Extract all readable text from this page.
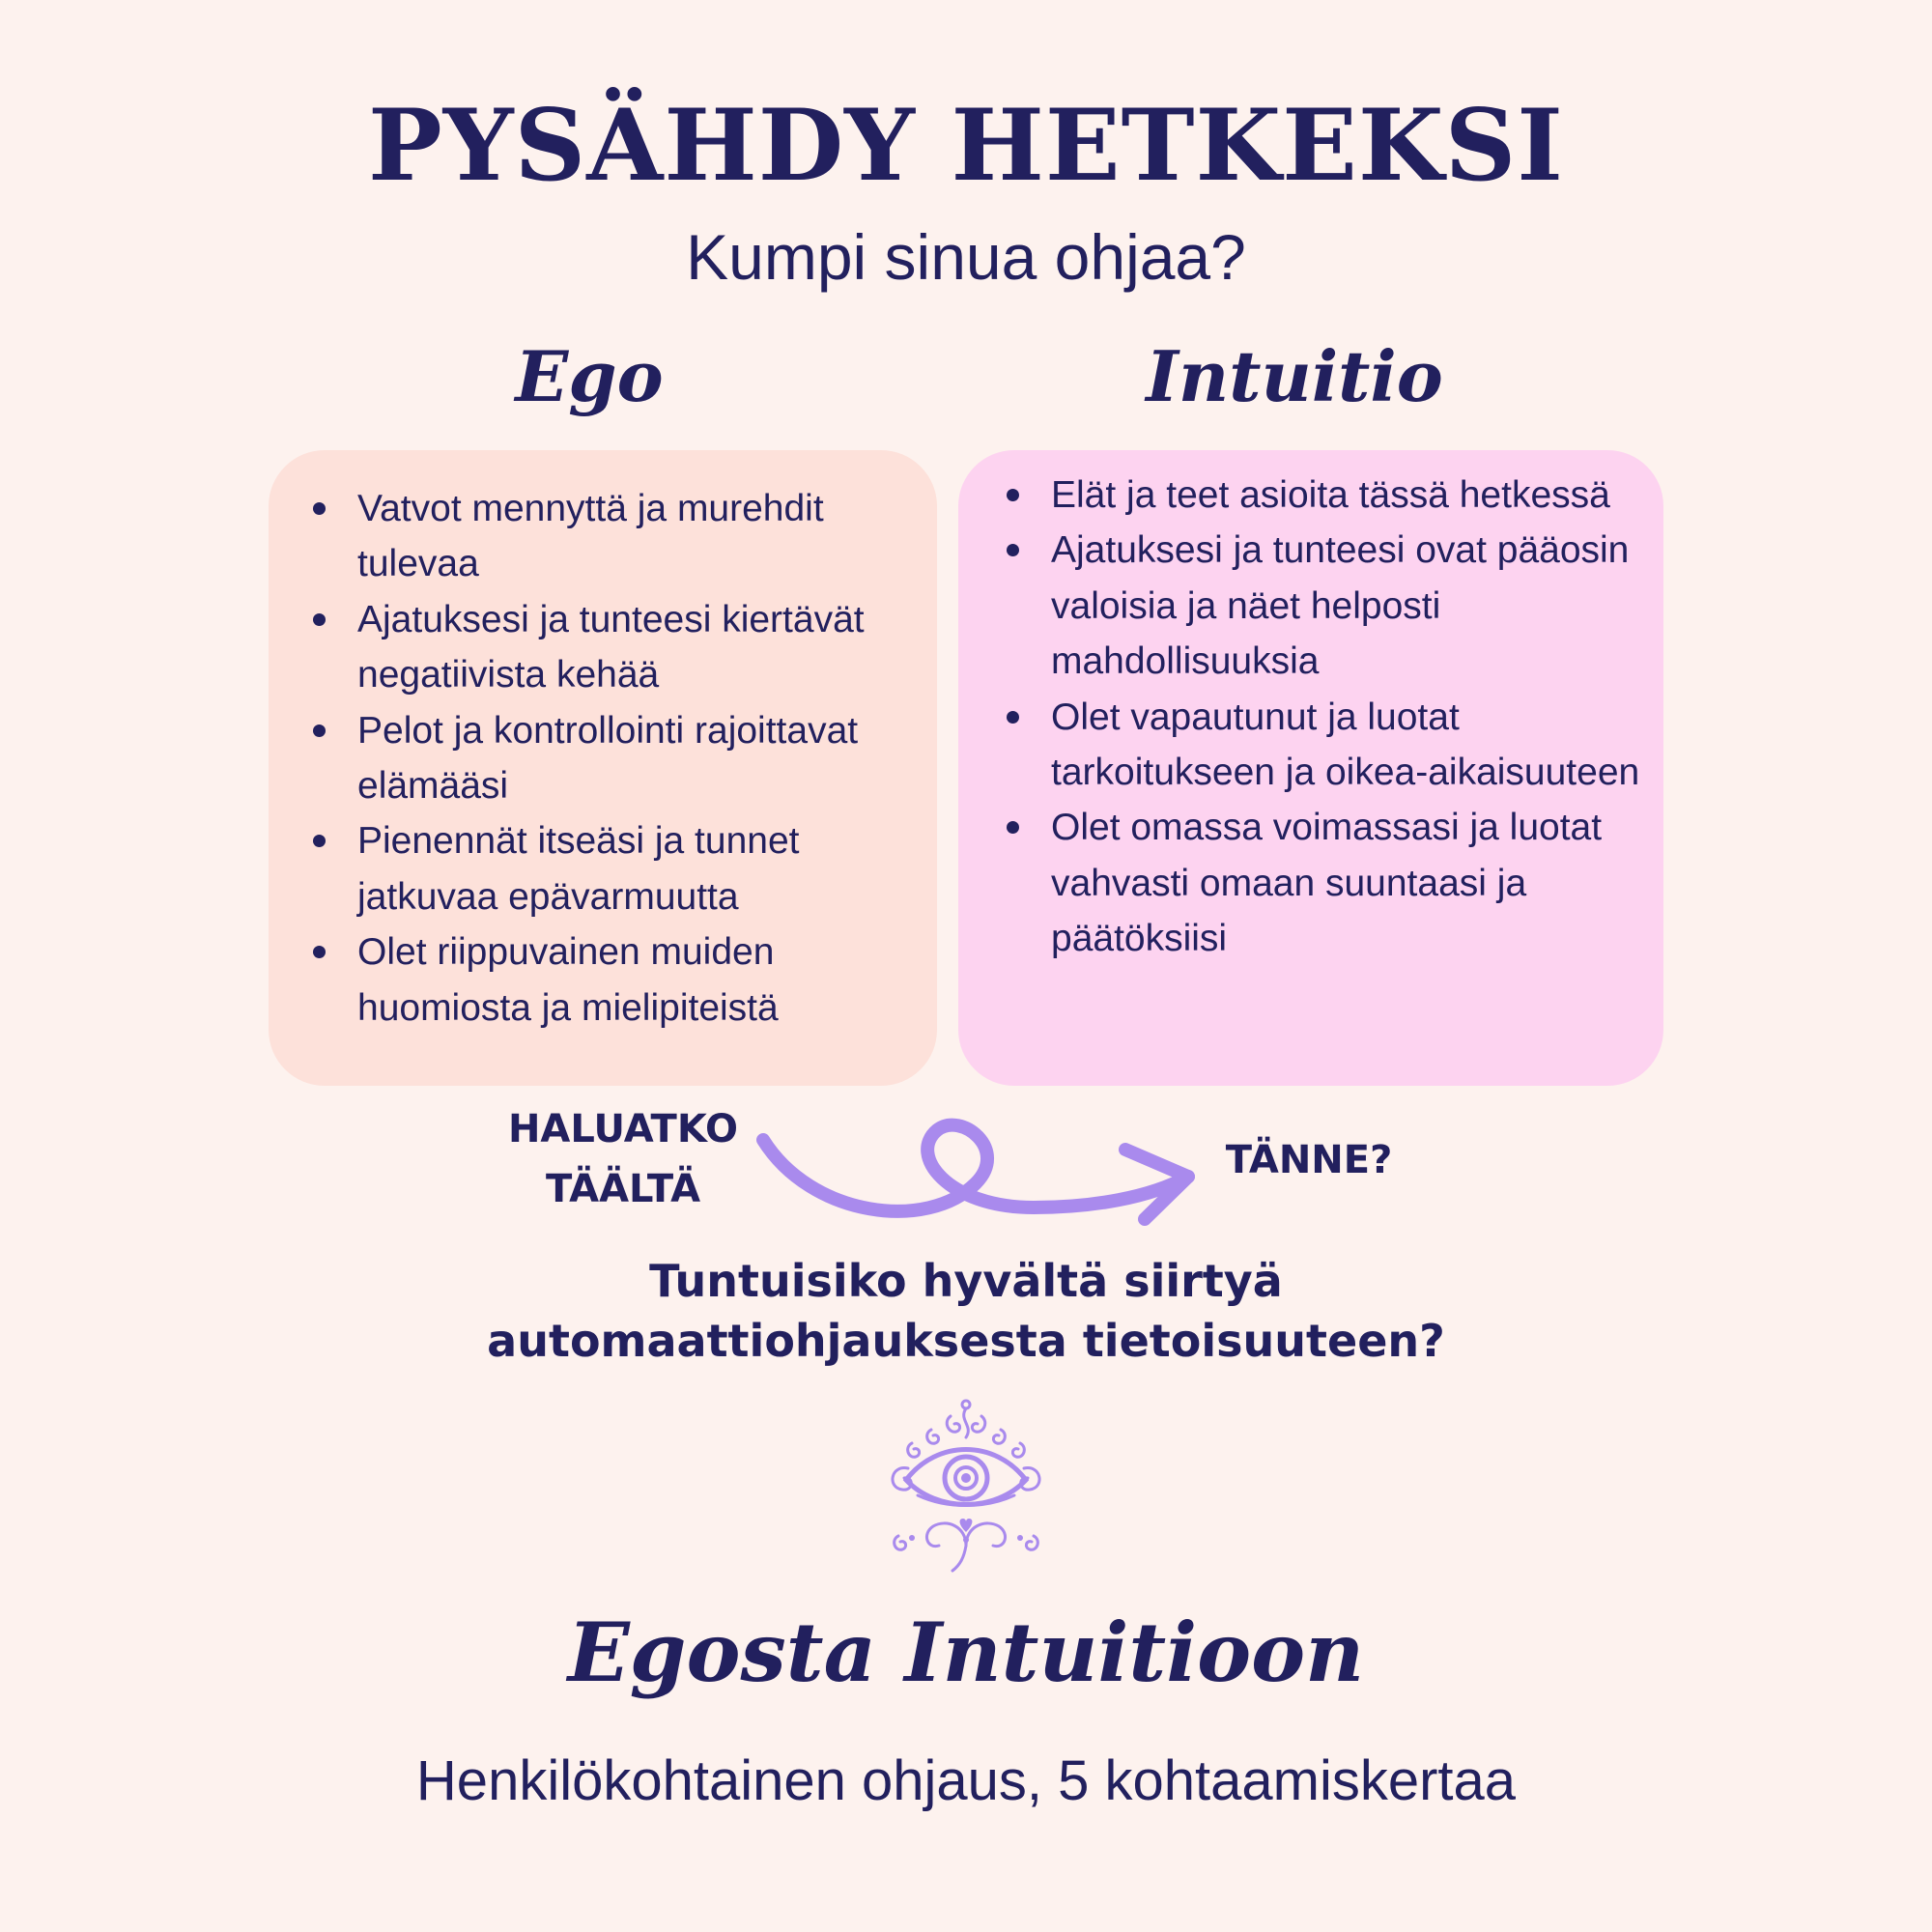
PYSÄHDY HETKEKSI
Kumpi sinua ohjaa?
Ego	Intuitio
Vatvot mennyttä ja murehdit tulevaa
Ajatuksesi ja tunteesi kiertävät negatiivista kehää
Pelot ja kontrollointi rajoittavat elämääsi
Pienennät itseäsi ja tunnet jatkuvaa epävarmuutta
Olet riippuvainen muiden huomiosta ja mielipiteistä
Elät ja teet asioita tässä hetkessä
Ajatuksesi ja tunteesi ovat pääosin valoisia ja näet helposti mahdollisuuksia
Olet vapautunut ja luotat tarkoitukseen ja oikea-aikaisuuteen
Olet omassa voimassasi ja luotat vahvasti omaan suuntaasi ja päätöksiisi
HALUATKO
TÄÄLTÄ
TÄNNE?
Tuntuisiko hyvältä siirtyä
automaattiohjauksesta tietoisuuteen?
Egosta Intuitioon
Henkilökohtainen ohjaus, 5 kohtaamiskertaa
